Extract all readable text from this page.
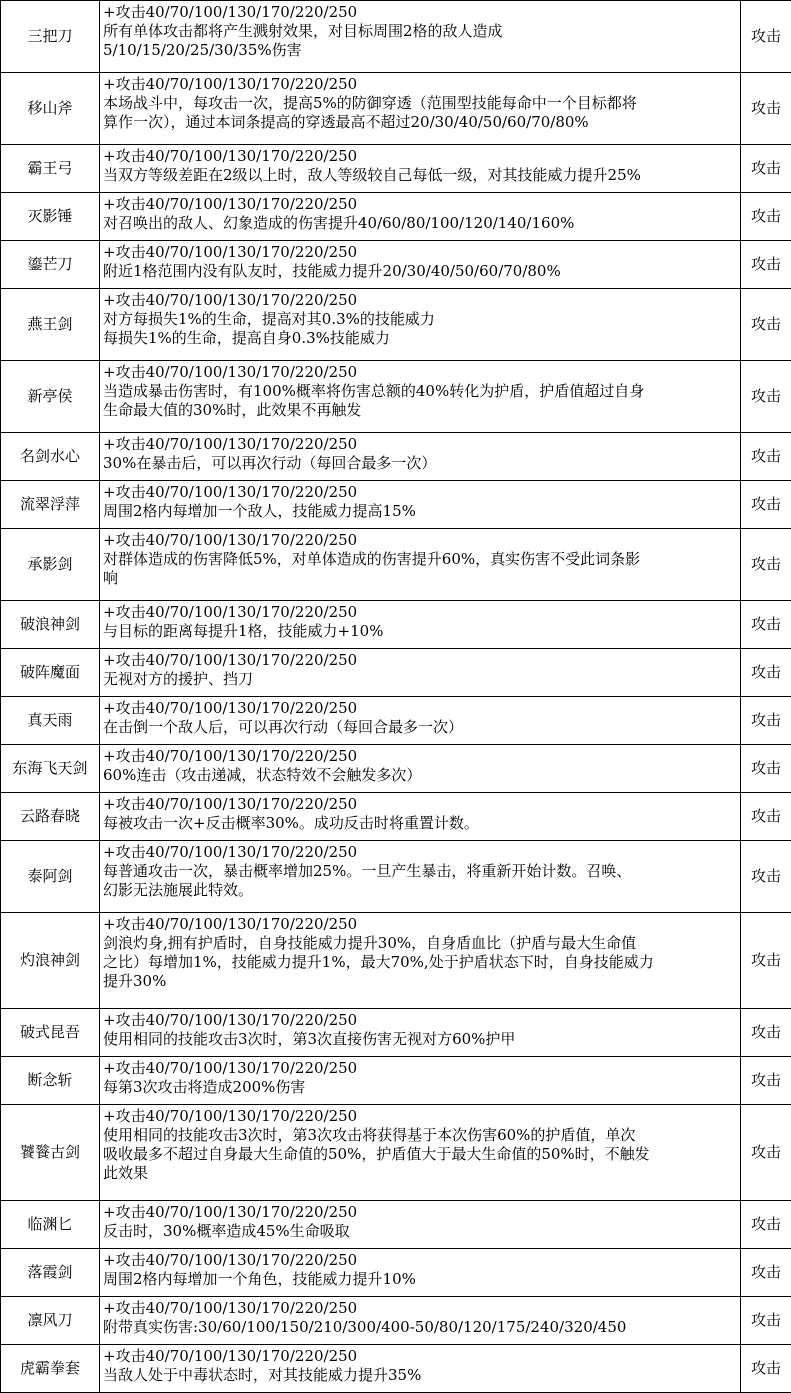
三把刀	+攻击40/70/100/130/170/220/250
所有单体攻击都将产生溅射效果，对目标周围2格的敌人造成
5/10/15/20/25/30/35%伤害	攻击
移山斧	+攻击40/70/100/130/170/220/250
本场战斗中，每攻击一次，提高5%的防御穿透（范围型技能每命中一个目标都将
算作一次），通过本词条提高的穿透最高不超过20/30/40/50/60/70/80%	攻击
霸王弓	+攻击40/70/100/130/170/220/250
当双方等级差距在2级以上时，敌人等级较自己每低一级，对其技能威力提升25%	攻击
灭影锤	+攻击40/70/100/130/170/220/250
对召唤出的敌人、幻象造成的伤害提升40/60/80/100/120/140/160%	攻击
鎏芒刀	+攻击40/70/100/130/170/220/250
附近1格范围内没有队友时，技能威力提升20/30/40/50/60/70/80%	攻击
燕王剑	+攻击40/70/100/130/170/220/250
对方每损失1%的生命，提高对其0.3%的技能威力
每损失1%的生命，提高自身0.3%技能威力	攻击
新亭侯	+攻击40/70/100/130/170/220/250
当造成暴击伤害时，有100%概率将伤害总额的40%转化为护盾，护盾值超过自身
生命最大值的30%时，此效果不再触发	攻击
名剑水心	+攻击40/70/100/130/170/220/250
30%在暴击后，可以再次行动（每回合最多一次）	攻击
流翠浮萍	+攻击40/70/100/130/170/220/250
周围2格内每增加一个敌人，技能威力提高15%	攻击
承影剑	+攻击40/70/100/130/170/220/250
对群体造成的伤害降低5%，对单体造成的伤害提升60%，真实伤害不受此词条影
响	攻击
破浪神剑	+攻击40/70/100/130/170/220/250
与目标的距离每提升1格，技能威力+10%	攻击
破阵魔面	+攻击40/70/100/130/170/220/250
无视对方的援护、挡刀	攻击
真天雨	+攻击40/70/100/130/170/220/250
在击倒一个敌人后，可以再次行动（每回合最多一次）	攻击
东海飞天剑	+攻击40/70/100/130/170/220/250
60%连击（攻击递减，状态特效不会触发多次）	攻击
云路春晓	+攻击40/70/100/130/170/220/250
每被攻击一次+反击概率30%。成功反击时将重置计数。	攻击
泰阿剑	+攻击40/70/100/130/170/220/250
每普通攻击一次，暴击概率增加25%。一旦产生暴击，将重新开始计数。召唤、
幻影无法施展此特效。	攻击
灼浪神剑	+攻击40/70/100/130/170/220/250
剑浪灼身,拥有护盾时，自身技能威力提升30%，自身盾血比（护盾与最大生命值
之比）每增加1%，技能威力提升1%，最大70%,处于护盾状态下时，自身技能威力
提升30%	攻击
破式昆吾	+攻击40/70/100/130/170/220/250
使用相同的技能攻击3次时，第3次直接伤害无视对方60%护甲	攻击
断念斩	+攻击40/70/100/130/170/220/250
每第3次攻击将造成200%伤害	攻击
饕餮古剑	+攻击40/70/100/130/170/220/250
使用相同的技能攻击3次时，第3次攻击将获得基于本次伤害60%的护盾值，单次
吸收最多不超过自身最大生命值的50%，护盾值大于最大生命值的50%时，不触发
此效果	攻击
临渊匕	+攻击40/70/100/130/170/220/250
反击时，30%概率造成45%生命吸取	攻击
落霞剑	+攻击40/70/100/130/170/220/250
周围2格内每增加一个角色，技能威力提升10%	攻击
凛风刀	+攻击40/70/100/130/170/220/250
附带真实伤害:30/60/100/150/210/300/400-50/80/120/175/240/320/450	攻击
虎霸拳套	+攻击40/70/100/130/170/220/250
当敌人处于中毒状态时，对其技能威力提升35%	攻击
